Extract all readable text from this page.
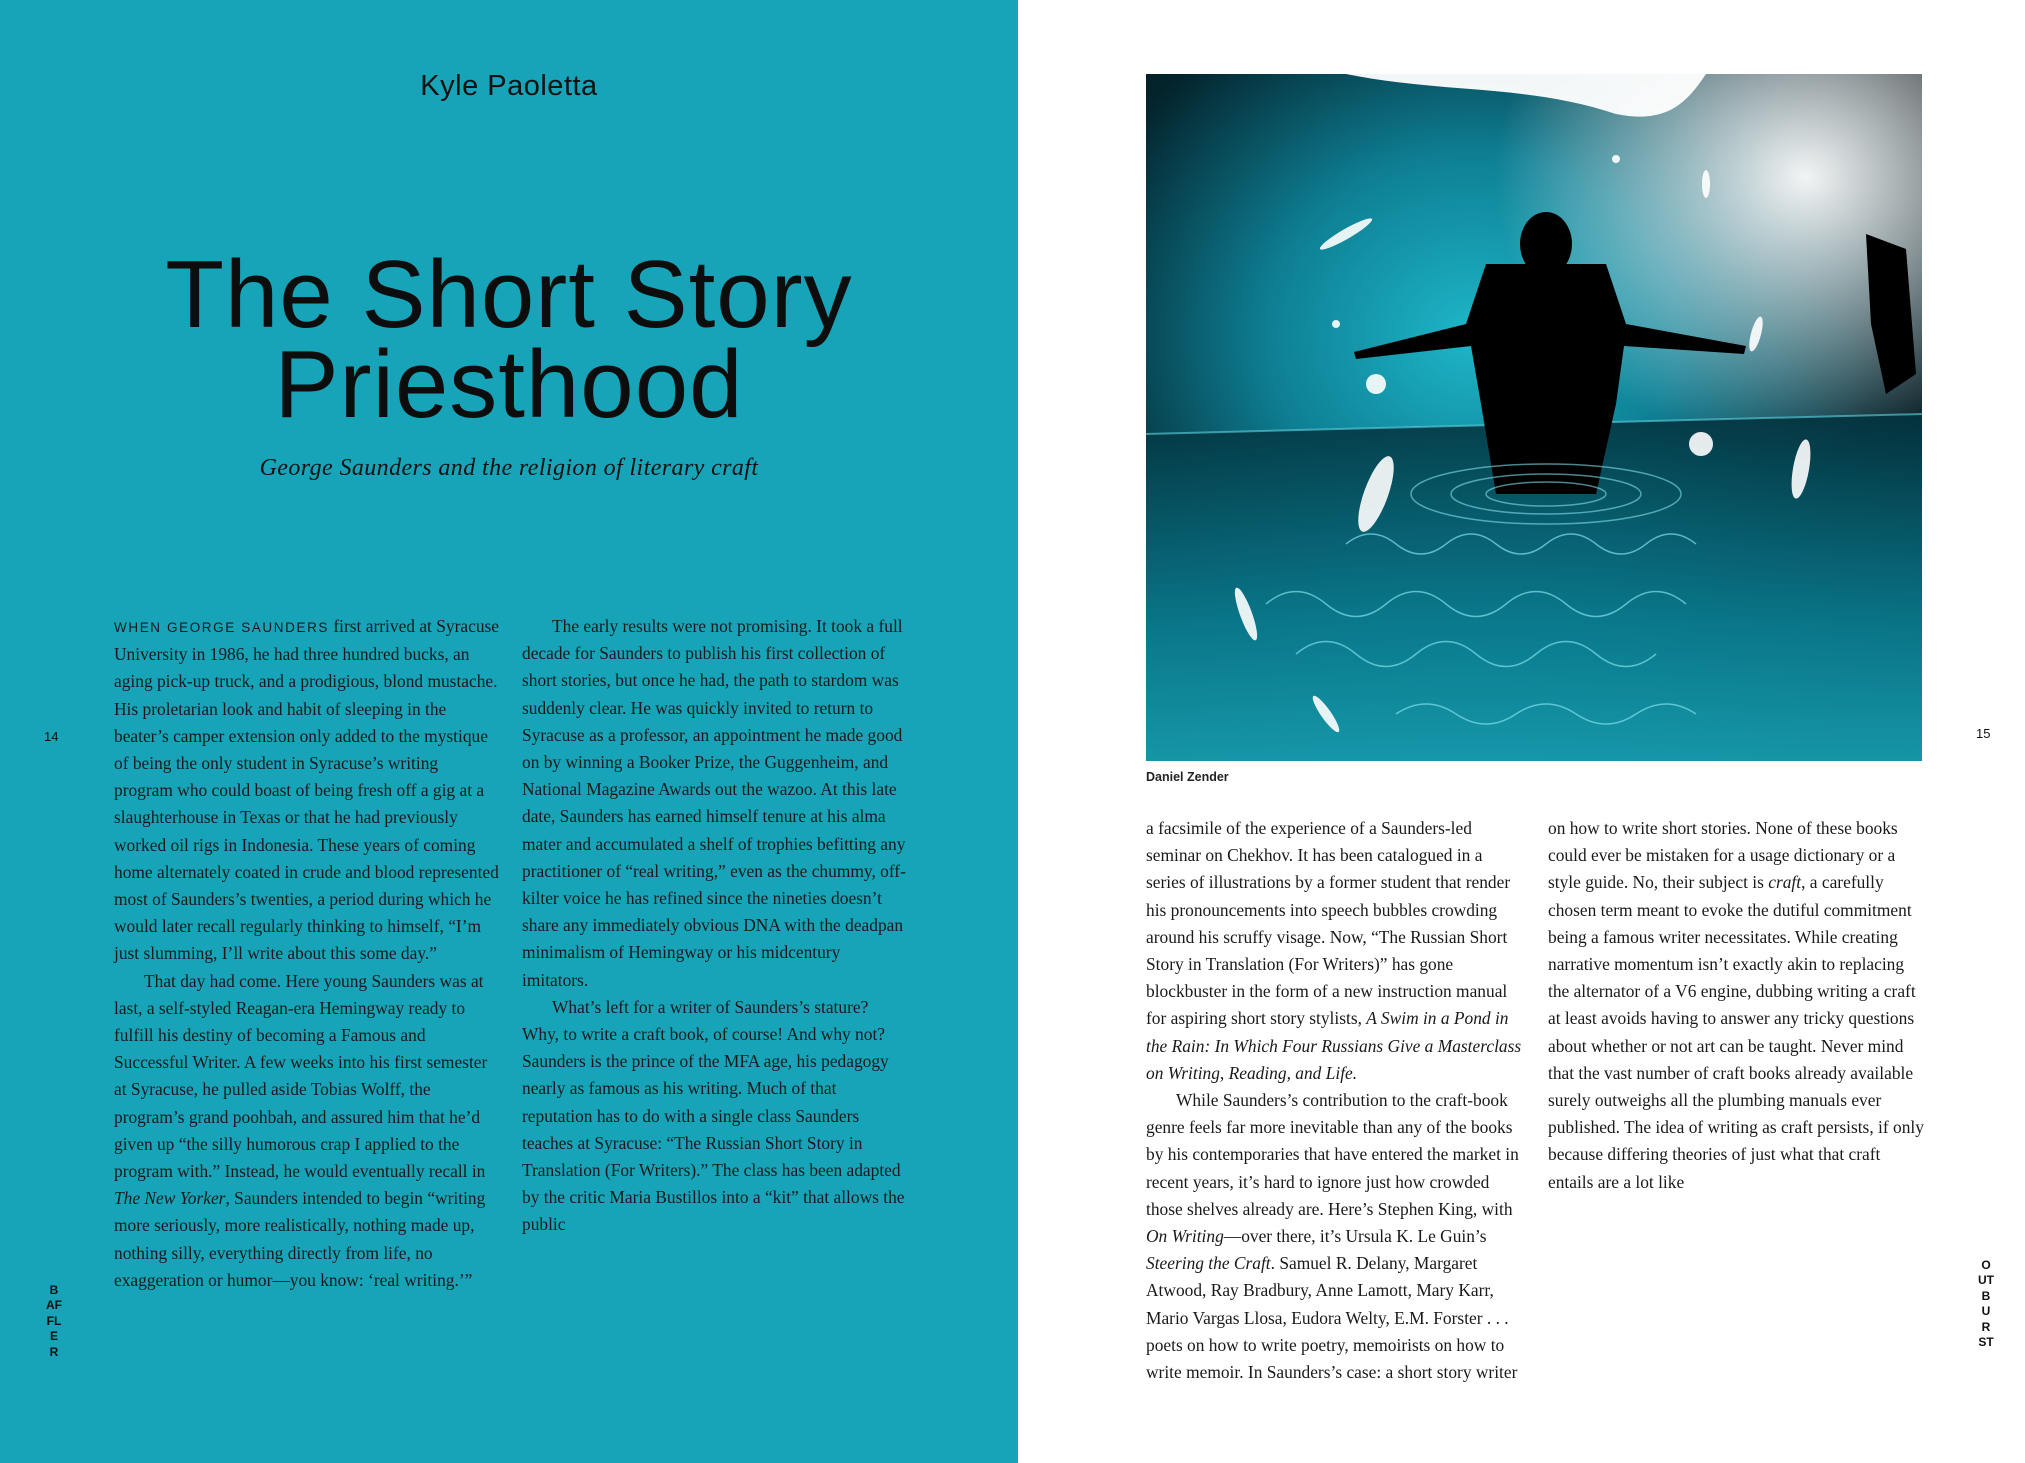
Kyle Paoletta
The Short Story
Priesthood
George Saunders and the religion of literary craft
14
BAFFLER

WHEN GEORGE SAUNDERS first arrived at Syracuse University in 1986, he had three hundred bucks, an aging pick-up truck, and a prodigious, blond mustache. His proletarian look and habit of sleeping in the beater’s camper extension only added to the mystique of being the only student in Syracuse’s writing program who could boast of being fresh off a gig at a slaughterhouse in Texas or that he had previously worked oil rigs in Indonesia. These years of coming home alternately coated in crude and blood represented most of Saunders’s twenties, a period during which he would later recall regularly thinking to himself, “I’m just slumming, I’ll write about this some day.”

That day had come. Here young Saunders was at last, a self-styled Reagan-era Hemingway ready to fulfill his destiny of becoming a Famous and Successful Writer. A few weeks into his first semester at Syracuse, he pulled aside Tobias Wolff, the program’s grand poohbah, and assured him that he’d given up “the silly humorous crap I applied to the program with.” Instead, he would eventually recall in The New Yorker, Saunders intended to begin “writing more seriously, more realistically, nothing made up, nothing silly, everything directly from life, no exaggeration or humor—you know: ‘real writing.’”

15
OUTBURST
Daniel Zender

The early results were not promising. It took a full decade for Saunders to publish his first collection of short stories, but once he had, the path to stardom was suddenly clear. He was quickly invited to return to Syracuse as a professor, an appointment he made good on by winning a Booker Prize, the Guggenheim, and National Magazine Awards out the wazoo. At this late date, Saunders has earned himself tenure at his alma mater and accumulated a shelf of trophies befitting any practitioner of “real writing,” even as the chummy, off-kilter voice he has refined since the nineties doesn’t share any immediately obvious DNA with the deadpan minimalism of Hemingway or his midcentury imitators.

What’s left for a writer of Saunders’s stature? Why, to write a craft book, of course! And why not? Saunders is the prince of the MFA age, his pedagogy nearly as famous as his writing. Much of that reputation has to do with a single class Saunders teaches at Syracuse: “The Russian Short Story in Translation (For Writers).” The class has been adapted by the critic Maria Bustillos into a “kit” that allows the public

a facsimile of the experience of a Saunders-led seminar on Chekhov. It has been catalogued in a series of illustrations by a former student that render his pronouncements into speech bubbles crowding around his scruffy visage. Now, “The Russian Short Story in Translation (For Writers)” has gone blockbuster in the form of a new instruction manual for aspiring short story stylists, A Swim in a Pond in the Rain: In Which Four Russians Give a Masterclass on Writing, Reading, and Life.

While Saunders’s contribution to the craft-book genre feels far more inevitable than any of the books by his contemporaries that have entered the market in recent years, it’s hard to ignore just how crowded those shelves already are. Here’s Stephen King, with On Writing—over there, it’s Ursula K. Le Guin’s Steering the Craft. Samuel R. Delany, Margaret Atwood, Ray Bradbury, Anne Lamott, Mary Karr, Mario Vargas Llosa, Eudora Welty, E.M. Forster . . . poets on how to write poetry, memoirists on how to write memoir. In Saunders’s case: a short story writer

on how to write short stories. None of these books could ever be mistaken for a usage dictionary or a style guide. No, their subject is craft, a carefully chosen term meant to evoke the dutiful commitment being a famous writer necessitates. While creating narrative momentum isn’t exactly akin to replacing the alternator of a V6 engine, dubbing writing a craft at least avoids having to answer any tricky questions about whether or not art can be taught. Never mind that the vast number of craft books already available surely outweighs all the plumbing manuals ever published. The idea of writing as craft persists, if only because differing theories of just what that craft entails are a lot like
